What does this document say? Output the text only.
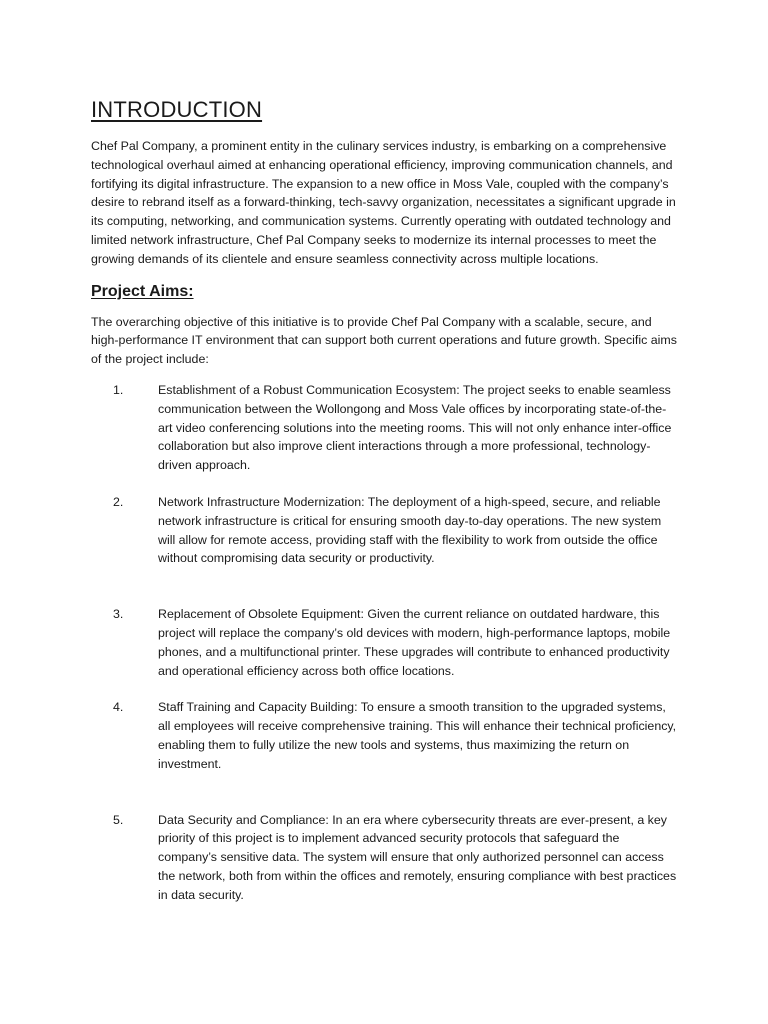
INTRODUCTION

Chef Pal Company, a prominent entity in the culinary services industry, is embarking on a comprehensive technological overhaul aimed at enhancing operational efficiency, improving communication channels, and fortifying its digital infrastructure. The expansion to a new office in Moss Vale, coupled with the company’s desire to rebrand itself as a forward-thinking, tech-savvy organization, necessitates a significant upgrade in its computing, networking, and communication systems. Currently operating with outdated technology and limited network infrastructure, Chef Pal Company seeks to modernize its internal processes to meet the growing demands of its clientele and ensure seamless connectivity across multiple locations.

Project Aims:

The overarching objective of this initiative is to provide Chef Pal Company with a scalable, secure, and high-performance IT environment that can support both current operations and future growth. Specific aims of the project include:

1.	Establishment of a Robust Communication Ecosystem: The project seeks to enable seamless communication between the Wollongong and Moss Vale offices by incorporating state-of-the-art video conferencing solutions into the meeting rooms. This will not only enhance inter-office collaboration but also improve client interactions through a more professional, technology-driven approach.
2.	Network Infrastructure Modernization: The deployment of a high-speed, secure, and reliable network infrastructure is critical for ensuring smooth day-to-day operations. The new system will allow for remote access, providing staff with the flexibility to work from outside the office without compromising data security or productivity.
3.	Replacement of Obsolete Equipment: Given the current reliance on outdated hardware, this project will replace the company’s old devices with modern, high-performance laptops, mobile phones, and a multifunctional printer. These upgrades will contribute to enhanced productivity and operational efficiency across both office locations.
4.	Staff Training and Capacity Building: To ensure a smooth transition to the upgraded systems, all employees will receive comprehensive training. This will enhance their technical proficiency, enabling them to fully utilize the new tools and systems, thus maximizing the return on investment.
5.	Data Security and Compliance: In an era where cybersecurity threats are ever-present, a key priority of this project is to implement advanced security protocols that safeguard the company’s sensitive data. The system will ensure that only authorized personnel can access the network, both from within the offices and remotely, ensuring compliance with best practices in data security.
